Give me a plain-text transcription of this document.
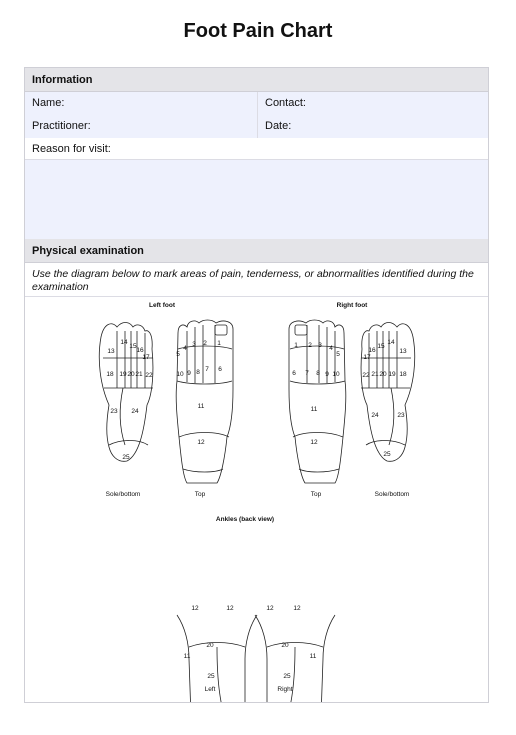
Foot Pain Chart
Information
Name:	Contact:
Practitioner:	Date:
Reason for visit:
Physical examination
Use the diagram below to mark areas of pain, tenderness, or abnormalities identified during the examination
Left foot	Right foot
Ankles (back view)
Sole/bottom	Top	Top	Sole/bottom
Left	Right
13
14
15
16
17
18 19 20 21 22
23 24
25
5
4
3 2 1
10 9 8 7 6
11
12
1 2 3 4
5
6 7 8 9 10
11
12
16
15
14
13
17
22 21 20 19 18
24	23
25
12	12
20
11
25
12	12
20
11
25
